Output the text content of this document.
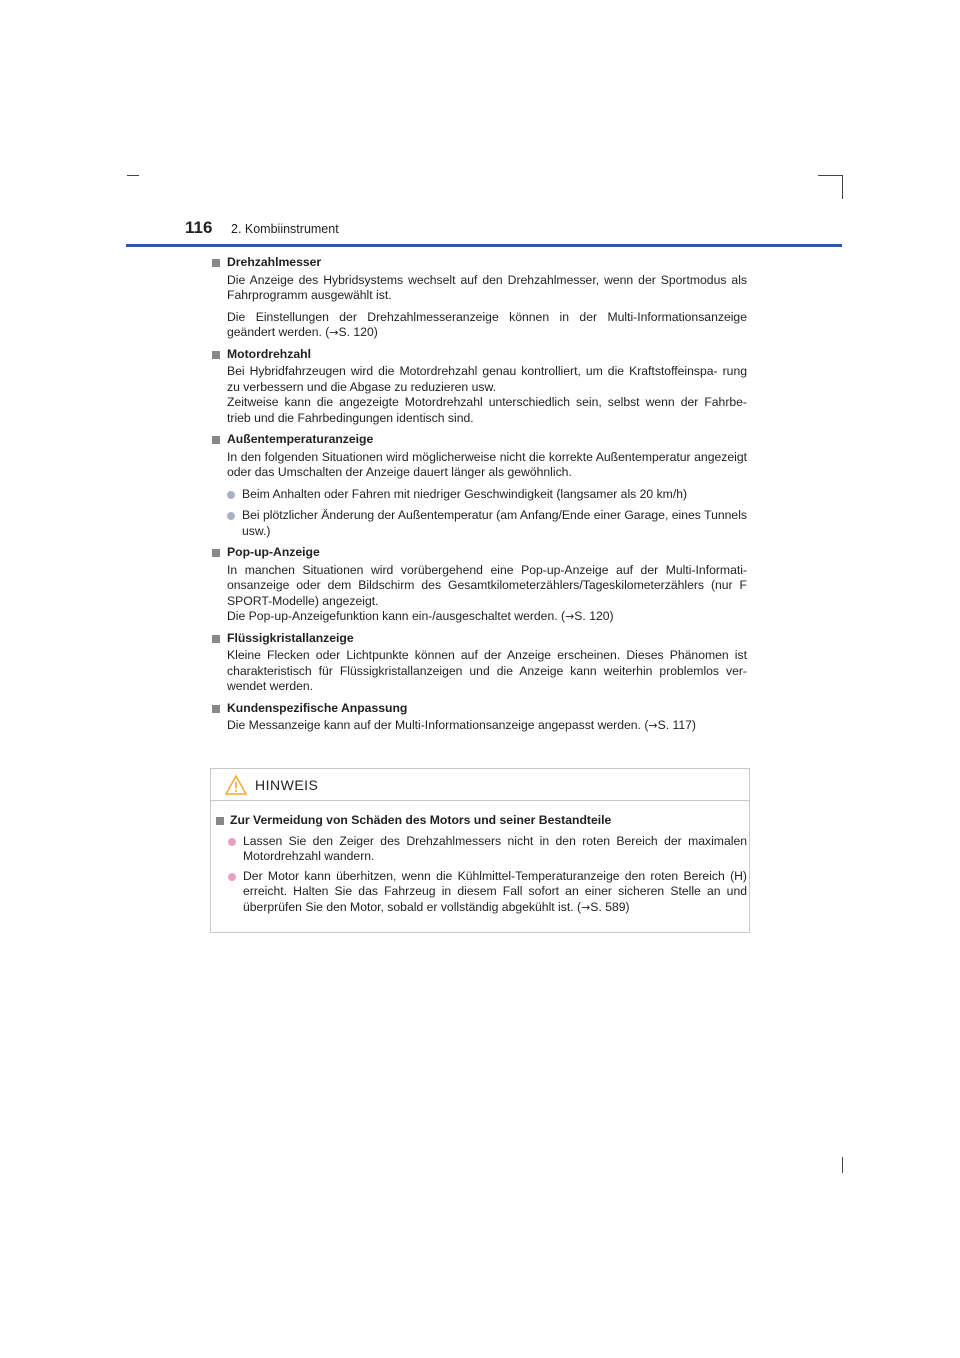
116 2. Kombiinstrument
Drehzahlmesser
Die Anzeige des Hybridsystems wechselt auf den Drehzahlmesser, wenn der Sportmodus als Fahrprogramm ausgewählt ist.
Die Einstellungen der Drehzahlmesseranzeige können in der Multi-Informationsanzeige geändert werden. (→S. 120)
Motordrehzahl
Bei Hybridfahrzeugen wird die Motordrehzahl genau kontrolliert, um die Kraftstoffeinspa- rung zu verbessern und die Abgase zu reduzieren usw.
Zeitweise kann die angezeigte Motordrehzahl unterschiedlich sein, selbst wenn der Fahrbe- trieb und die Fahrbedingungen identisch sind.
Außentemperaturanzeige
In den folgenden Situationen wird möglicherweise nicht die korrekte Außentemperatur angezeigt oder das Umschalten der Anzeige dauert länger als gewöhnlich.
Beim Anhalten oder Fahren mit niedriger Geschwindigkeit (langsamer als 20 km/h)
Bei plötzlicher Änderung der Außentemperatur (am Anfang/Ende einer Garage, eines Tunnels usw.)
Pop-up-Anzeige
In manchen Situationen wird vorübergehend eine Pop-up-Anzeige auf der Multi-Informati- onsanzeige oder dem Bildschirm des Gesamtkilometerzählers/Tageskilometerzählers (nur F SPORT-Modelle) angezeigt.
Die Pop-up-Anzeigefunktion kann ein-/ausgeschaltet werden. (→S. 120)
Flüssigkristallanzeige
Kleine Flecken oder Lichtpunkte können auf der Anzeige erscheinen. Dieses Phänomen ist charakteristisch für Flüssigkristallanzeigen und die Anzeige kann weiterhin problemlos ver- wendet werden.
Kundenspezifische Anpassung
Die Messanzeige kann auf der Multi-Informationsanzeige angepasst werden. (→S. 117)
HINWEIS
Zur Vermeidung von Schäden des Motors und seiner Bestandteile
Lassen Sie den Zeiger des Drehzahlmessers nicht in den roten Bereich der maximalen Motordrehzahl wandern.
Der Motor kann überhitzen, wenn die Kühlmittel-Temperaturanzeige den roten Bereich (H) erreicht. Halten Sie das Fahrzeug in diesem Fall sofort an einer sicheren Stelle an und überprüfen Sie den Motor, sobald er vollständig abgekühlt ist. (→S. 589)
